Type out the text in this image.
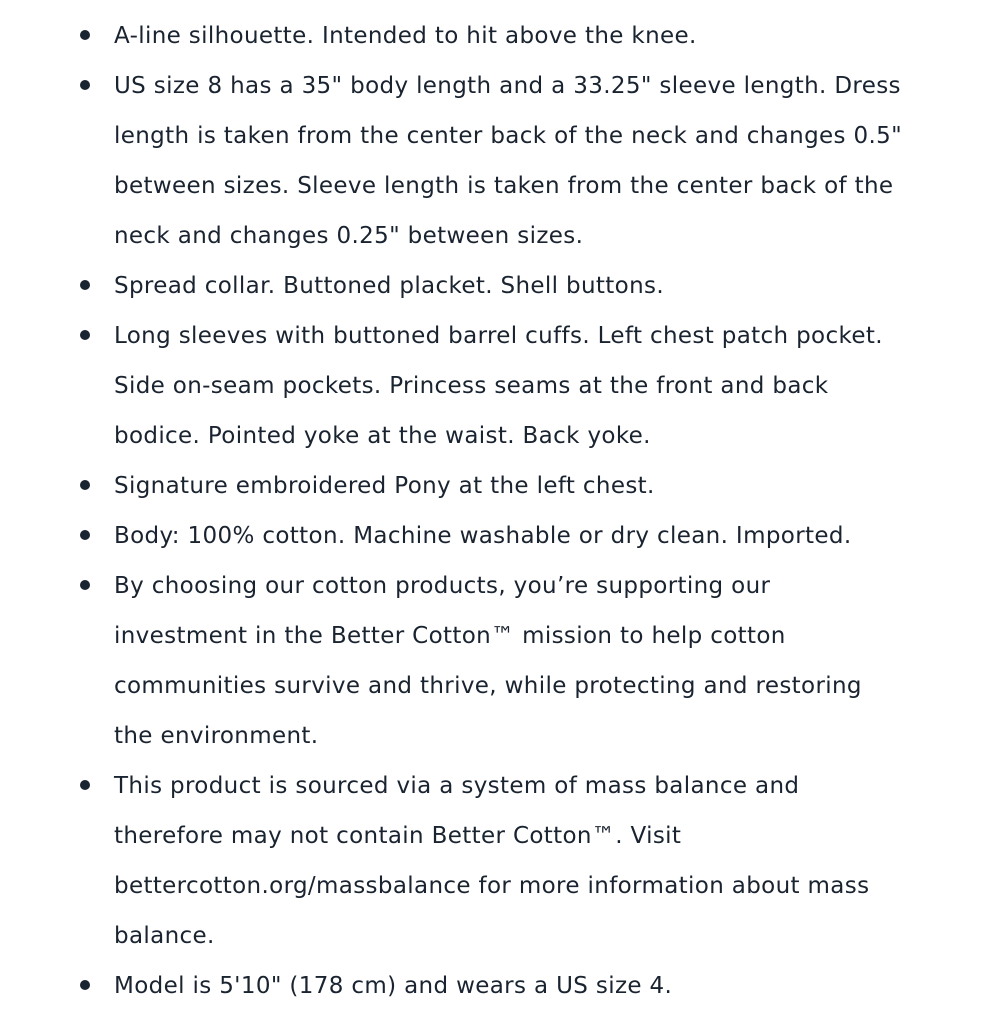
A-line silhouette. Intended to hit above the knee.
US size 8 has a 35" body length and a 33.25" sleeve length. Dress
length is taken from the center back of the neck and changes 0.5"
between sizes. Sleeve length is taken from the center back of the
neck and changes 0.25" between sizes.
Spread collar. Buttoned placket. Shell buttons.
Long sleeves with buttoned barrel cuffs. Left chest patch pocket.
Side on-seam pockets. Princess seams at the front and back
bodice. Pointed yoke at the waist. Back yoke.
Signature embroidered Pony at the left chest.
Body: 100% cotton. Machine washable or dry clean. Imported.
By choosing our cotton products, you’re supporting our
investment in the Better Cotton™ mission to help cotton
communities survive and thrive, while protecting and restoring
the environment.
This product is sourced via a system of mass balance and
therefore may not contain Better Cotton™. Visit
bettercotton.org/massbalance for more information about mass
balance.
Model is 5'10" (178 cm) and wears a US size 4.
